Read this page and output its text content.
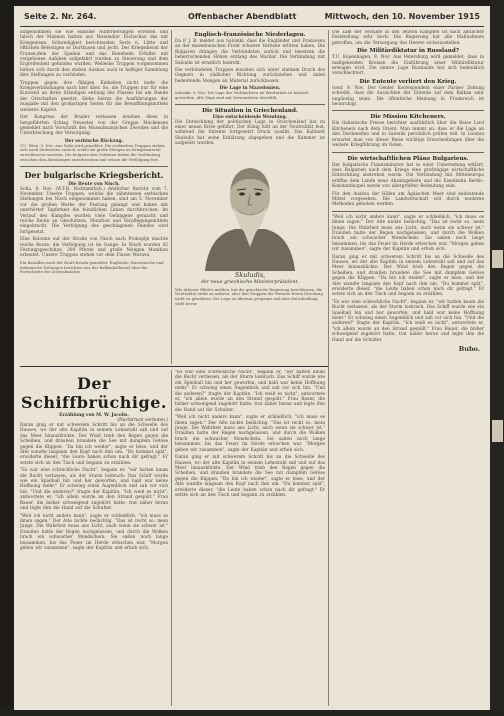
Seite 2. Nr. 264.	Offenbacher Abendblatt	Mittwoch, den 10. November 1915

aufgenommen sie wie einhohe Aufforderungen erreiten und falsch der Mannen hatten aus Mondadier Fachschau das mit Kriegenisen. Schweiligkeit berichtenden Serie n. Lütte und öftlichen Befestigen er Dortkusen und jecht. Der Kriegsdienst der Frauen,dem der Spelien und das Bonnheim Erfullte mit vergebenen Aufaben aufgefahrt wurden zu Steuerung und dem Ergreifenheit gefunden wurden, Welleshe Truppen vorgenommen hätten sich durch den stoßen Ausbau auch in heftiger Sammlung ihre Stellungen zu verbinden.

Truppen gegen ihre fähigen Einheiten nicht mehr die Kriegsverbindungen nach hier über. So, die Truppen nur für eine Kurzweil an ihren Ständigen entlang des Flusses bis am Rande der Ortschaften gesetzt. Siehe hierzu die Ausführungen der Ausgabe mit den großartigen Seiten für die Bewaffnungsmitteln weiteres Kapitel.

Der Kongress der Bruder verlassen ersehen diese in hergeführten Schlag Neuestes von der Gruppe Mackensen gemeldet nach Vorschrift des Mussulmanischen Zweckes und die Unterbrechung der Versorgung.

Der serbische Rückzug.

T.U. Wien, 9. Nov. Aus Sofia wird gemeldet: Die serbischen Truppen ziehen sich nach Südwesten zurück, wobei sie große Mengen an Kriegsmaterial zurücklassen mussten. Die bulgarischen Vorhuten haben die Verbindung zwischen den Abteilungen unterbrochen und setzen die Verfolgung fort.

Der bulgarische Kriegsbericht.
Die Beute von Nisch.

Sofia, 9. Nov. (W.T.B. Nichtamtlich.) Amtlicher Bericht vom 7. November. Unsere Truppen, welche die zähmtesten serbischen Stellungen bei Nisch eingenommen haben, sind am 5. November vor die großen Werke der Festung gelangt und haben mit unerhörter Tapferkeit die feindlichen Linien durchbrochen. Im Verlauf des Kampfes wurden viele Gefangene gemacht und reiche Beute an Geschützen, Munition und Verpflegungsmitteln eingebracht. Die Verfolgung des geschlagenen Feindes wird fortgesetzt.

Eine Kolonne auf der Straße von Nisch nach Prokuplje machte reiche Beute; die Verfolgung ist im Gange. In Nisch wurden 42 Festungsgeschütze, 300 Pferde und große Mengen Munition erbeutet. Unsere Truppen stehen vor dem Flusse Morava.

Ein Bataillon nach der Kraft Bourla gemeldet. Englische, französische und italienische Zeitungen berichten aus der Balkanhalbinsel über die Fortschritte der Zentralmächte.

Englisch-französische Niederlagen.

Da P. J. B. meldet aus Saloniki, dass die Engländer und Franzosen an der mazedonischen Front schwere Verluste erlitten haben. Die Bulgaren drängen die Verbündeten zurück und besetzen die beherrschenden Höhen entlang des Wardar. Die Verbindung mit Saloniki ist ernstlich bedroht.

Die verbündeten Truppen mussten sich unter starkem Druck des Gegners in südlicher Richtung zurückziehen und dabei bedeutende Mengen an Material zurücklassen.

Die Lage in Mazedonien.

Saloniki, 9. Nov. Die Lage der Verbündeten im Wardartale ist kritisch geworden. Alle Züge sind mit Verwundeten überfüllt.

Die Situation in Griechenland.
Eine entscheidende Wendung.

Die Entwicklung der politischen Lage in Griechenland hat zu einer neuen Krise geführt. Der König hält an der Neutralität fest, während die Entente fortgesetzt Druck ausübt. Das Kabinett Skuludis hat seine Erklärung abgegeben und die Kammer ist aufgelöst worden.

Skuludis,
der neue griechische Ministerpräsident.

Wie Athener Blätter melden, hat die griechische Regierung beschlossen, die Neutralität strikt zu wahren, aber den Truppen der Entente freien Durchzug nicht zu gewähren. Die Lage ist überaus gespannt und eine Entscheidung steht bevor.

Die Zahl der Verluste in den letzten Kämpfen ist nach amtlicher Feststellung sehr hoch. Die Regierung hat alle Maßnahmen getroffen, um die Versorgung des Heeres sicherzustellen.

Die Militärdiktatur in Russland?

T.U. Kopenhagen, 9. Nov. Aus Petersburg wird gemeldet, dass in maßgebenden Kreisen die Einführung einer Militärdiktatur erwogen wird. Die innere Lage Russlands hat sich bedenklich verschlechtert.

Die Entente verliert den Krieg.

Genf, 9. Nov. Der Genfer Korrespondent einer Pariser Zeitung schreibt, dass die Aussichten der Entente auf dem Balkan sehr ungünstig seien. Die öffentliche Meinung in Frankreich ist beunruhigt.

Die Mission Kitcheners.

Die italienische Presse berichtet ausführlich über die Reise Lord Kitcheners nach dem Orient. Man nimmt an, dass er die Lage an den Dardanellen und in Saloniki persönlich prüfen will. In London erwartet man von dieser Reise wichtige Entscheidungen über die weitere Kriegführung im Osten.

Die wirtschaftlichen Pläne Bulgariens.

Der bulgarische Finanzminister hat in einer Unterredung erklärt, dass Bulgarien nach dem Kriege eine großzügige wirtschaftliche Entwicklung anstreben werde. Die Verbindung mit Mitteleuropa eröffne dem Lande neue Absatzgebiete und die Eisenbahn Berlin–Konstantinopel werde von allergrößter Bedeutung sein.

Für den Ausbau der Häfen am Ägäischen Meer sind bedeutende Mittel vorgesehen. Die Landwirtschaft soll durch moderne Methoden gehoben werden.

"Weil ich nicht anders kann", sagte er schließlich, "ich muss es ihnen sagen." Der Alte nickte bedächtig. "Das ist recht so, mein Junge. Die Wahrheit muss ans Licht, auch wenn sie schwer ist." Draußen hatte der Regen nachgelassen, und durch die Wolken brach ein schwacher Mondschein. Sie saßen noch lange beisammen, bis das Feuer im Herde erloschen war. "Morgen gehen wir zusammen", sagte der Kapitän und erhob sich.

Daran ging er mit schwerem Schritt bis an die Schwelle des Hauses, wo der alte Kapitän in seinem Lehnstuhl saß und auf das Meer hinausblickte. Der Wind trieb den Regen gegen die Scheiben, und draußen brandete die See mit dumpfem Getöse gegen die Klippen. "Da bin ich wieder", sagte er leise, und der Alte wandte langsam den Kopf nach ihm um. "Du kommst spät", erwiderte dieser, "die Leute haben schon nach dir gefragt." Er setzte sich an den Tisch und begann zu erzählen.

"Es war eine schreckliche Nacht", begann er, "wir hatten kaum die Bucht verlassen, als der Sturm losbrach. Das Schiff wurde wie ein Spielball hin und her geworfen, und bald war keine Hoffnung mehr." Er schwieg einen Augenblick und sah vor sich hin. "Und die anderen?" fragte der Kapitän. "Ich weiß es nicht", antwortete er, "ich allein wurde an den Strand gespült." Frau Bauer, die bisher schweigend zugehört hatte, trat näher heran und legte ihm die Hand auf die Schulter.

Bubo.
Der Schiffbrüchige.
Erzählung von M. W. Jacobs.
(Nachdruck verboten.)

Daran ging er mit schwerem Schritt bis an die Schwelle des Hauses, wo der alte Kapitän in seinem Lehnstuhl saß und auf das Meer hinausblickte. Der Wind trieb den Regen gegen die Scheiben, und draußen brandete die See mit dumpfem Getöse gegen die Klippen. "Da bin ich wieder", sagte er leise, und der Alte wandte langsam den Kopf nach ihm um. "Du kommst spät", erwiderte dieser, "die Leute haben schon nach dir gefragt." Er setzte sich an den Tisch und begann zu erzählen.

"Es war eine schreckliche Nacht", begann er, "wir hatten kaum die Bucht verlassen, als der Sturm losbrach. Das Schiff wurde wie ein Spielball hin und her geworfen, und bald war keine Hoffnung mehr." Er schwieg einen Augenblick und sah vor sich hin. "Und die anderen?" fragte der Kapitän. "Ich weiß es nicht", antwortete er, "ich allein wurde an den Strand gespült." Frau Bauer, die bisher schweigend zugehört hatte, trat näher heran und legte ihm die Hand auf die Schulter.

"Weil ich nicht anders kann", sagte er schließlich, "ich muss es ihnen sagen." Der Alte nickte bedächtig. "Das ist recht so, mein Junge. Die Wahrheit muss ans Licht, auch wenn sie schwer ist." Draußen hatte der Regen nachgelassen, und durch die Wolken brach ein schwacher Mondschein. Sie saßen noch lange beisammen, bis das Feuer im Herde erloschen war. "Morgen gehen wir zusammen", sagte der Kapitän und erhob sich.

"Es war eine schreckliche Nacht", begann er, "wir hatten kaum die Bucht verlassen, als der Sturm losbrach. Das Schiff wurde wie ein Spielball hin und her geworfen, und bald war keine Hoffnung mehr." Er schwieg einen Augenblick und sah vor sich hin. "Und die anderen?" fragte der Kapitän. "Ich weiß es nicht", antwortete er, "ich allein wurde an den Strand gespült." Frau Bauer, die bisher schweigend zugehört hatte, trat näher heran und legte ihm die Hand auf die Schulter.

"Weil ich nicht anders kann", sagte er schließlich, "ich muss es ihnen sagen." Der Alte nickte bedächtig. "Das ist recht so, mein Junge. Die Wahrheit muss ans Licht, auch wenn sie schwer ist." Draußen hatte der Regen nachgelassen, und durch die Wolken brach ein schwacher Mondschein. Sie saßen noch lange beisammen, bis das Feuer im Herde erloschen war. "Morgen gehen wir zusammen", sagte der Kapitän und erhob sich.

Daran ging er mit schwerem Schritt bis an die Schwelle des Hauses, wo der alte Kapitän in seinem Lehnstuhl saß und auf das Meer hinausblickte. Der Wind trieb den Regen gegen die Scheiben, und draußen brandete die See mit dumpfem Getöse gegen die Klippen. "Da bin ich wieder", sagte er leise, und der Alte wandte langsam den Kopf nach ihm um. "Du kommst spät", erwiderte dieser, "die Leute haben schon nach dir gefragt." Er setzte sich an den Tisch und begann zu erzählen.
